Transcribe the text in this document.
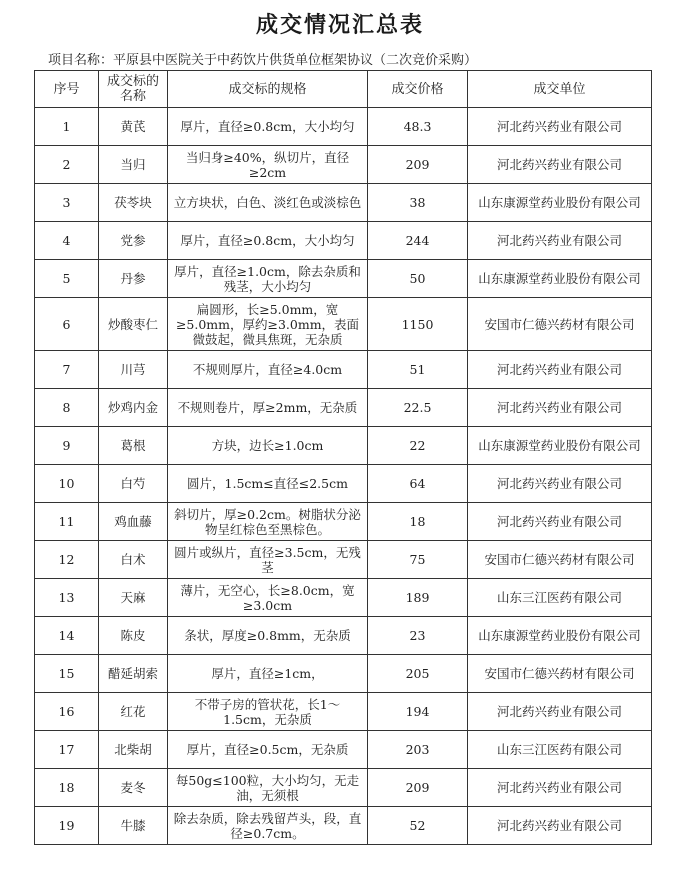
成交情况汇总表
项目名称：平原县中医院关于中药饮片供货单位框架协议（二次竞价采购）
序号	成交标的名称	成交标的规格	成交价格	成交单位
1	黄芪	厚片，直径≥0.8cm，大小均匀	48.3	河北药兴药业有限公司
2	当归	当归身≥40%，纵切片，直径≥2cm	209	河北药兴药业有限公司
3	茯苓块	立方块状，白色、淡红色或淡棕色	38	山东康源堂药业股份有限公司
4	党参	厚片，直径≥0.8cm，大小均匀	244	河北药兴药业有限公司
5	丹参	厚片，直径≥1.0cm，除去杂质和残茎，大小均匀	50	山东康源堂药业股份有限公司
6	炒酸枣仁	扁圆形，长≥5.0mm，宽≥5.0mm，厚约≥3.0mm，表面微鼓起，微具焦斑，无杂质	1150	安国市仁德兴药材有限公司
7	川芎	不规则厚片，直径≥4.0cm	51	河北药兴药业有限公司
8	炒鸡内金	不规则卷片，厚≥2mm，无杂质	22.5	河北药兴药业有限公司
9	葛根	方块，边长≥1.0cm	22	山东康源堂药业股份有限公司
10	白芍	圆片，1.5cm≤直径≤2.5cm	64	河北药兴药业有限公司
11	鸡血藤	斜切片，厚≥0.2cm。树脂状分泌物呈红棕色至黑棕色。	18	河北药兴药业有限公司
12	白术	圆片或纵片，直径≥3.5cm，无残茎	75	安国市仁德兴药材有限公司
13	天麻	薄片，无空心，长≥8.0cm，宽≥3.0cm	189	山东三江医药有限公司
14	陈皮	条状，厚度≥0.8mm，无杂质	23	山东康源堂药业股份有限公司
15	醋延胡索	厚片，直径≥1cm，	205	安国市仁德兴药材有限公司
16	红花	不带子房的管状花，长1～1.5cm，无杂质	194	河北药兴药业有限公司
17	北柴胡	厚片，直径≥0.5cm，无杂质	203	山东三江医药有限公司
18	麦冬	每50g≤100粒，大小均匀，无走油，无须根	209	河北药兴药业有限公司
19	牛膝	除去杂质，除去残留芦头，段，直径≥0.7cm。	52	河北药兴药业有限公司
